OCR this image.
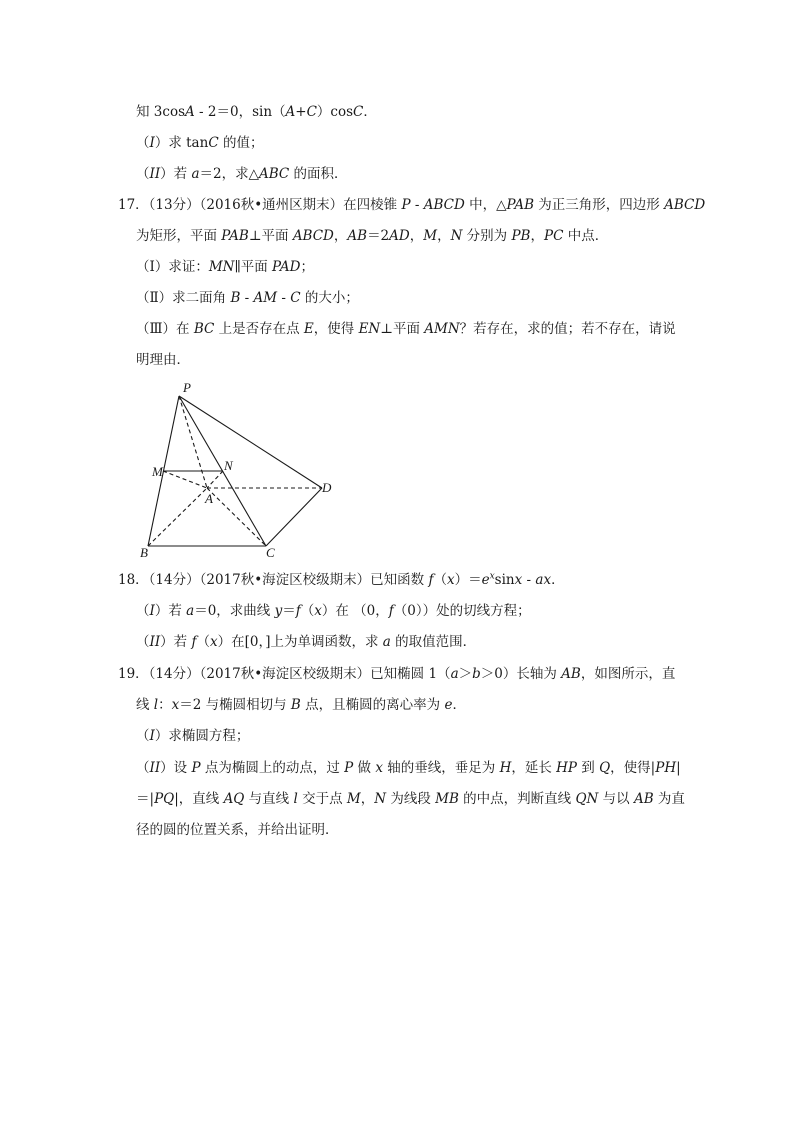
知 3cosA - 2＝0，sin（A+C）cosC．
（I）求 tanC 的值；
（II）若 a＝2，求△ABC 的面积．
17．（13分）（2016秋•通州区期末）在四棱锥 P - ABCD 中，△PAB 为正三角形，四边形 ABCD
为矩形，平面 PAB⊥平面 ABCD，AB＝2AD，M，N 分别为 PB，PC 中点．
（Ⅰ）求证：MN∥平面 PAD；
（Ⅱ）求二面角 B - AM - C 的大小；
（Ⅲ）在 BC 上是否存在点 E，使得 EN⊥平面 AMN？若存在，求的值；若不存在，请说
明理由．
P
M	N
A
D
B	C
18．（14分）（2017秋•海淀区校级期末）已知函数 $f(x)=e^x\sin x$ - ax．
（I）若 a＝0，求曲线 y＝f（x）在 （0，f（0））处的切线方程；
（II）若 f（x）在[0，]上为单调函数，求 a 的取值范围．
19．（14分）（2017秋•海淀区校级期末）已知椭圆 1（a＞b＞0）长轴为 AB，如图所示，直
线 l：x＝2 与椭圆相切与 B 点，且椭圆的离心率为 e．
（I）求椭圆方程；
（II）设 P 点为椭圆上的动点，过 P 做 x 轴的垂线，垂足为 H，延长 HP 到 Q，使得|PH|
＝|PQ|，直线 AQ 与直线 l 交于点 M，N 为线段 MB 的中点，判断直线 QN 与以 AB 为直
径的圆的位置关系，并给出证明．
